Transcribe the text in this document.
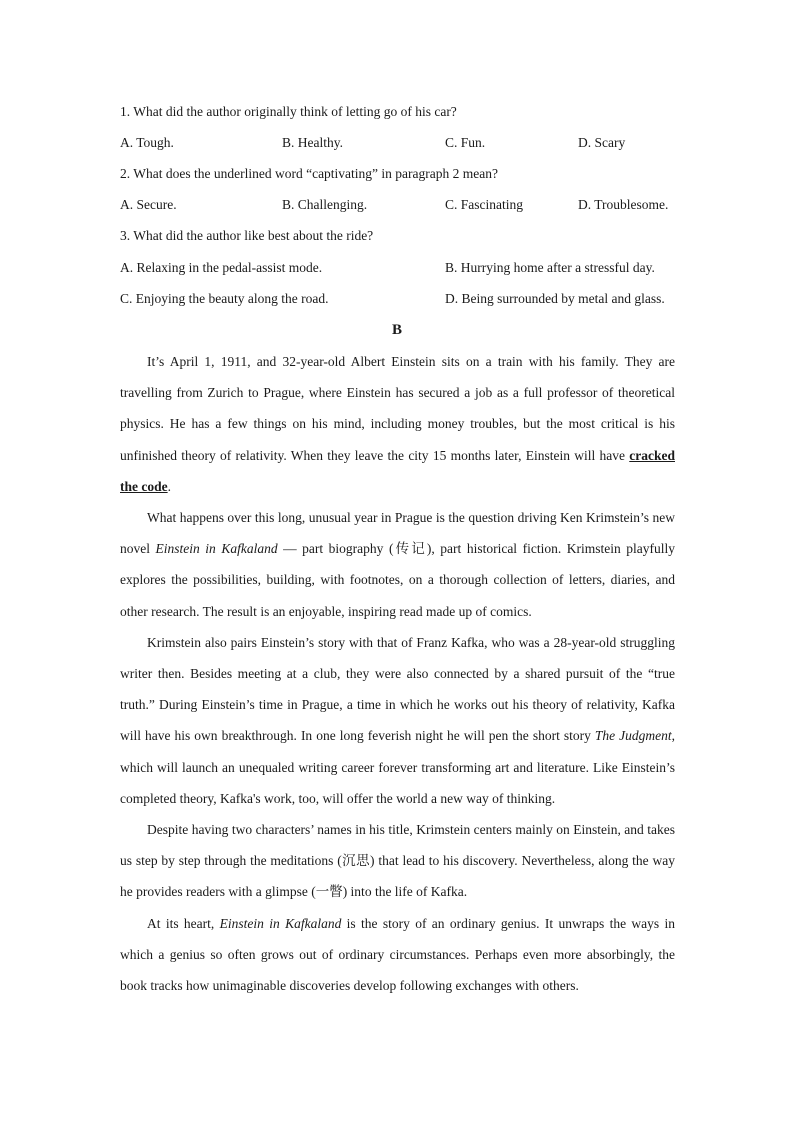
1. What did the author originally think of letting go of his car?
A. Tough.	B. Healthy.	C. Fun.	D. Scary
2. What does the underlined word “captivating” in paragraph 2 mean?
A. Secure.	B. Challenging.	C. Fascinating	D. Troublesome.
3. What did the author like best about the ride?
A. Relaxing in the pedal-assist mode.	B. Hurrying home after a stressful day.
C. Enjoying the beauty along the road.	D. Being surrounded by metal and glass.
B

It’s April 1, 1911, and 32-year-old Albert Einstein sits on a train with his family. They are travelling from Zurich to Prague, where Einstein has secured a job as a full professor of theoretical physics. He has a few things on his mind, including money troubles, but the most critical is his unfinished theory of relativity. When they leave the city 15 months later, Einstein will have cracked the code.

What happens over this long, unusual year in Prague is the question driving Ken Krimstein’s new novel Einstein in Kafkaland — part biography (传记), part historical fiction. Krimstein playfully explores the possibilities, building, with footnotes, on a thorough collection of letters, diaries, and other research. The result is an enjoyable, inspiring read made up of comics.

Krimstein also pairs Einstein’s story with that of Franz Kafka, who was a 28-year-old struggling writer then. Besides meeting at a club, they were also connected by a shared pursuit of the “true truth.” During Einstein’s time in Prague, a time in which he works out his theory of relativity, Kafka will have his own breakthrough. In one long feverish night he will pen the short story The Judgment, which will launch an unequaled writing career forever transforming art and literature. Like Einstein’s completed theory, Kafka's work, too, will offer the world a new way of thinking.

Despite having two characters’ names in his title, Krimstein centers mainly on Einstein, and takes us step by step through the meditations (沉思) that lead to his discovery. Nevertheless, along the way he provides readers with a glimpse (一瞥) into the life of Kafka.

At its heart, Einstein in Kafkaland is the story of an ordinary genius. It unwraps the ways in which a genius so often grows out of ordinary circumstances. Perhaps even more absorbingly, the book tracks how unimaginable discoveries develop following exchanges with others.
